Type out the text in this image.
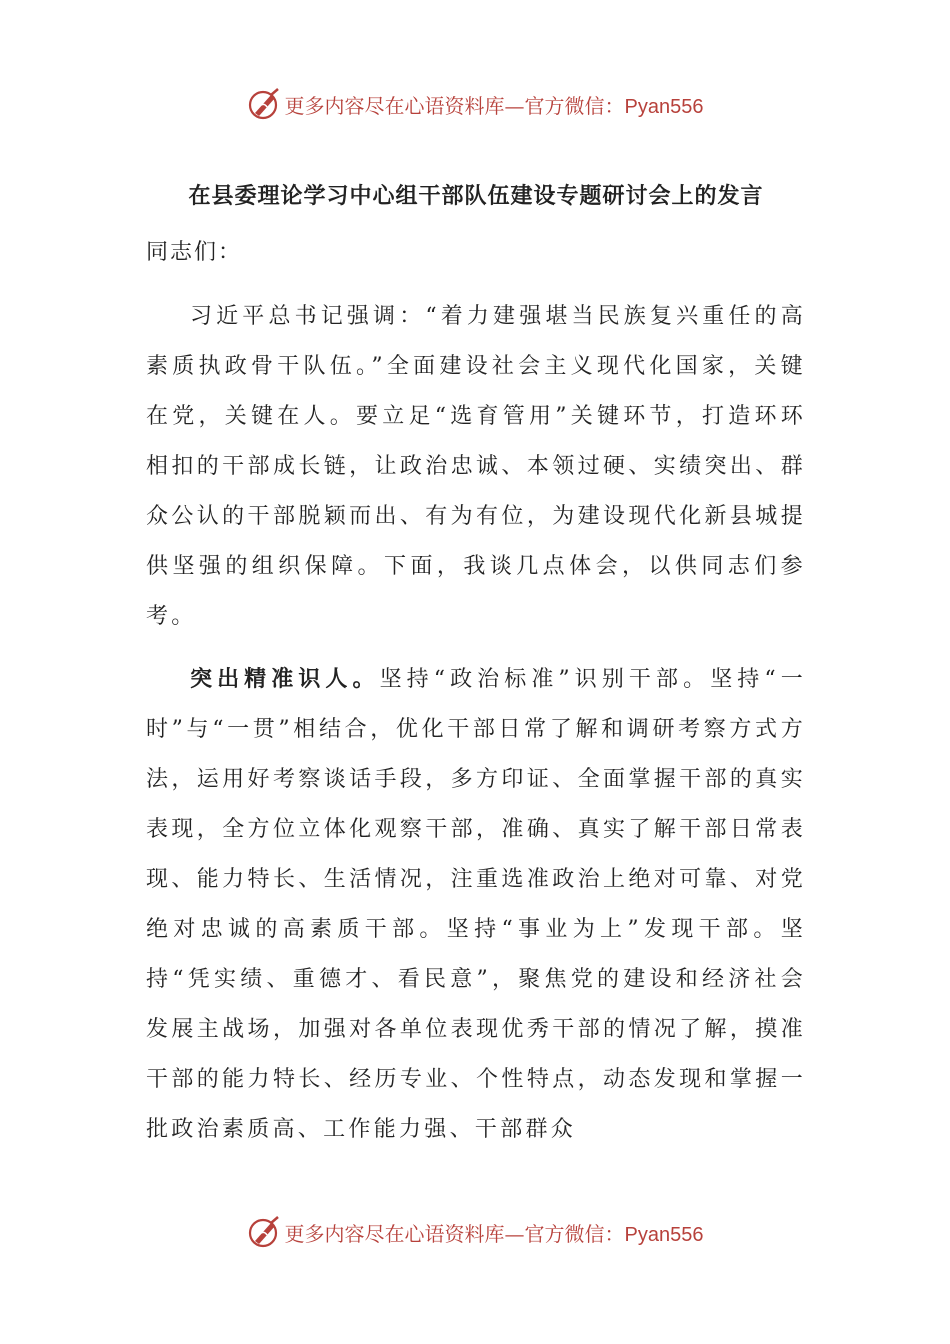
更多内容尽在心语资料库—官方微信：Pyan556
在县委理论学习中心组干部队伍建设专题研讨会上的发言
同志们：

习近平总书记强调：“着力建强堪当民族复兴重任的高素质执政骨干队伍。”全面建设社会主义现代化国家，关键在党，关键在人。要立足“选育管用”关键环节，打造环环相扣的干部成长链，让政治忠诚、本领过硬、实绩突出、群众公认的干部脱颖而出、有为有位，为建设现代化新县城提供坚强的组织保障。下面，我谈几点体会，以供同志们参考。

突出精准识人。坚持“政治标准”识别干部。坚持“一时”与“一贯”相结合，优化干部日常了解和调研考察方式方法，运用好考察谈话手段，多方印证、全面掌握干部的真实表现，全方位立体化观察干部，准确、真实了解干部日常表现、能力特长、生活情况，注重选准政治上绝对可靠、对党绝对忠诚的高素质干部。坚持“事业为上”发现干部。坚持“凭实绩、重德才、看民意”，聚焦党的建设和经济社会发展主战场，加强对各单位表现优秀干部的情况了解，摸准干部的能力特长、经历专业、个性特点，动态发现和掌握一批政治素质高、工作能力强、干部群众

更多内容尽在心语资料库—官方微信：Pyan556
